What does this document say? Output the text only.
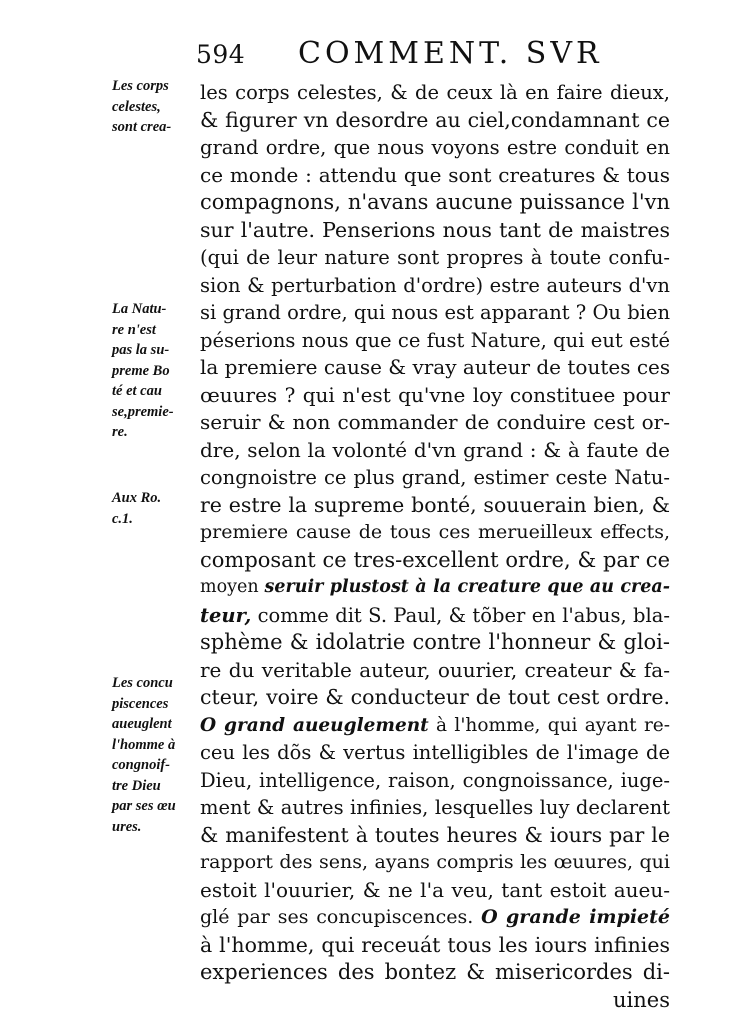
594 COMMENT. SVR
Les corps
celestes,
sont crea-
La Natu-
re n'est
pas la su-
preme Bo
té et cau
se,premie-
re.
Aux Ro.
c.1.
Les concu
piscences
aueuglent
l'homme à
congnoif-
tre Dieu
par ses œu
ures.
les corps celestes, & de ceux là en faire dieux,
& figurer vn desordre au ciel,condamnant ce
grand ordre, que nous voyons estre conduit en
ce monde : attendu que sont creatures & tous
compagnons, n'avans aucune puissance l'vn
sur l'autre. Penserions nous tant de maistres
(qui de leur nature sont propres à toute confu-
sion & perturbation d'ordre) estre auteurs d'vn
si grand ordre, qui nous est apparant ? Ou bien
péserions nous que ce fust Nature, qui eut esté
la premiere cause & vray auteur de toutes ces
œuures ? qui n'est qu'vne loy constituee pour
seruir & non commander de conduire cest or-
dre, selon la volonté d'vn grand : & à faute de
congnoistre ce plus grand, estimer ceste Natu-
re estre la supreme bonté, souuerain bien, &
premiere cause de tous ces merueilleux effects,
composant ce tres-excellent ordre, & par ce
moyen seruir plustost à la creature que au crea-
teur, comme dit S. Paul, & tõber en l'abus, bla-
sphème & idolatrie contre l'honneur & gloi-
re du veritable auteur, ouurier, createur & fa-
cteur, voire & conducteur de tout cest ordre.
O grand aueuglement à l'homme, qui ayant re-
ceu les dõs & vertus intelligibles de l'image de
Dieu, intelligence, raison, congnoissance, iuge-
ment & autres infinies, lesquelles luy declarent
& manifestent à toutes heures & iours par le
rapport des sens, ayans compris les œuures, qui
estoit l'ouurier, & ne l'a veu, tant estoit aueu-
glé par ses concupiscences. O grande impieté
à l'homme, qui receuát tous les iours infinies
experiences des bontez & misericordes di-
uines
